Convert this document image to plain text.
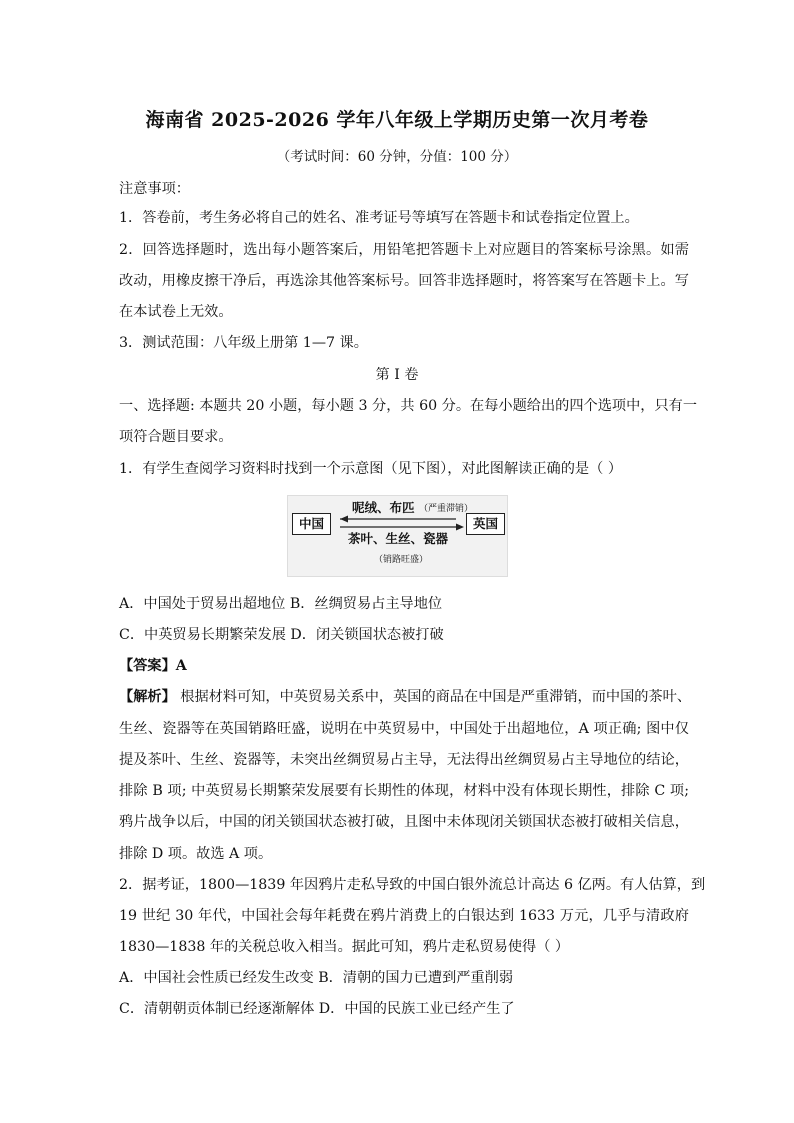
海南省 2025-2026 学年八年级上学期历史第一次月考卷
（考试时间：60 分钟，分值：100 分）
注意事项：
1．答卷前，考生务必将自己的姓名、准考证号等填写在答题卡和试卷指定位置上。
2．回答选择题时，选出每小题答案后，用铅笔把答题卡上对应题目的答案标号涂黑。如需
改动，用橡皮擦干净后，再选涂其他答案标号。回答非选择题时，将答案写在答题卡上。写
在本试卷上无效。
3．测试范围：八年级上册第 1—7 课。
第 I 卷
一、选择题: 本题共 20 小题，每小题 3 分，共 60 分。在每小题给出的四个选项中，只有一
项符合题目要求。
1．有学生查阅学习资料时找到一个示意图（见下图），对此图解读正确的是（ ）
中国	英国
呢绒、布匹 （严重滞销）
茶叶、生丝、瓷器
（销路旺盛）
A．中国处于贸易出超地位 B．丝绸贸易占主导地位
C．中英贸易长期繁荣发展 D．闭关锁国状态被打破
【答案】A
【解析】 根据材料可知，中英贸易关系中，英国的商品在中国是严重滞销，而中国的茶叶、
生丝、瓷器等在英国销路旺盛，说明在中英贸易中，中国处于出超地位，A 项正确; 图中仅
提及茶叶、生丝、瓷器等，未突出丝绸贸易占主导，无法得出丝绸贸易占主导地位的结论，
排除 B 项; 中英贸易长期繁荣发展要有长期性的体现，材料中没有体现长期性，排除 C 项;
鸦片战争以后，中国的闭关锁国状态被打破，且图中未体现闭关锁国状态被打破相关信息，
排除 D 项。故选 A 项。
2．据考证，1800—1839 年因鸦片走私导致的中国白银外流总计高达 6 亿两。有人估算，到
19 世纪 30 年代，中国社会每年耗费在鸦片消费上的白银达到 1633 万元，几乎与清政府
1830—1838 年的关税总收入相当。据此可知，鸦片走私贸易使得（ ）
A．中国社会性质已经发生改变 B．清朝的国力已遭到严重削弱
C．清朝朝贡体制已经逐渐解体 D．中国的民族工业已经产生了
